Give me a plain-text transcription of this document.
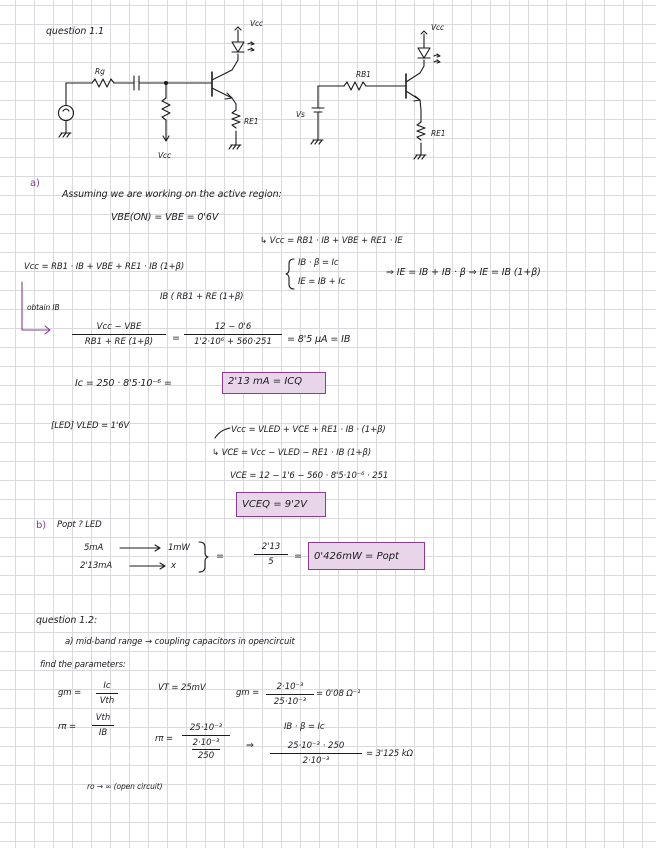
question 1.1
Vcc
Rg
RE1
Vcc
Vcc
RB1
Vs
RE1
a)
Assuming we are working on the active region:
VBE(ON) = VBE = 0'6V
↳ Vcc = RB1 · IB + VBE + RE1 · IE
Vcc = RB1 · IB + VBE + RE1 · IB (1+β)	IB · β = Ic
IE = IB + Ic
⇒ IE = IB + IB · β ⇒ IE = IB (1+β)
IB ( RB1 + RE (1+β)
obtain IB
Vcc − VBE
RB1 + RE (1+β)	=
12 − 0'6
1'2·10⁶ + 560·251	= 8'5 µA = IB
Ic = 250 · 8'5·10⁻⁶ =	2'13 mA = ICQ
[LED] VLED = 1'6V	Vcc = VLED + VCE + RE1 · IB · (1+β)
↳ VCE = Vcc − VLED − RE1 · IB (1+β)
VCE = 12 − 1'6 − 560 · 8'5·10⁻⁶ · 251
VCEQ = 9'2V
b) Popt ? LED
5mA	1mW
2'13mA	x
=
2'13
5	=	0'426mW = Popt
question 1.2:
a) mid-band range → coupling capacitors in opencircuit
find the parameters:
gm =
Ic
Vth
VT = 25mV	gm =
2·10⁻³
25·10⁻³
= 0'08 Ω⁻¹
rπ =
Vth
IB
rπ =
25·10⁻³
2·10⁻³
250
⇒
IB · β = Ic
25·10⁻³ · 250
2·10⁻³
= 3'125 kΩ
ro → ∞ (open circuit)
